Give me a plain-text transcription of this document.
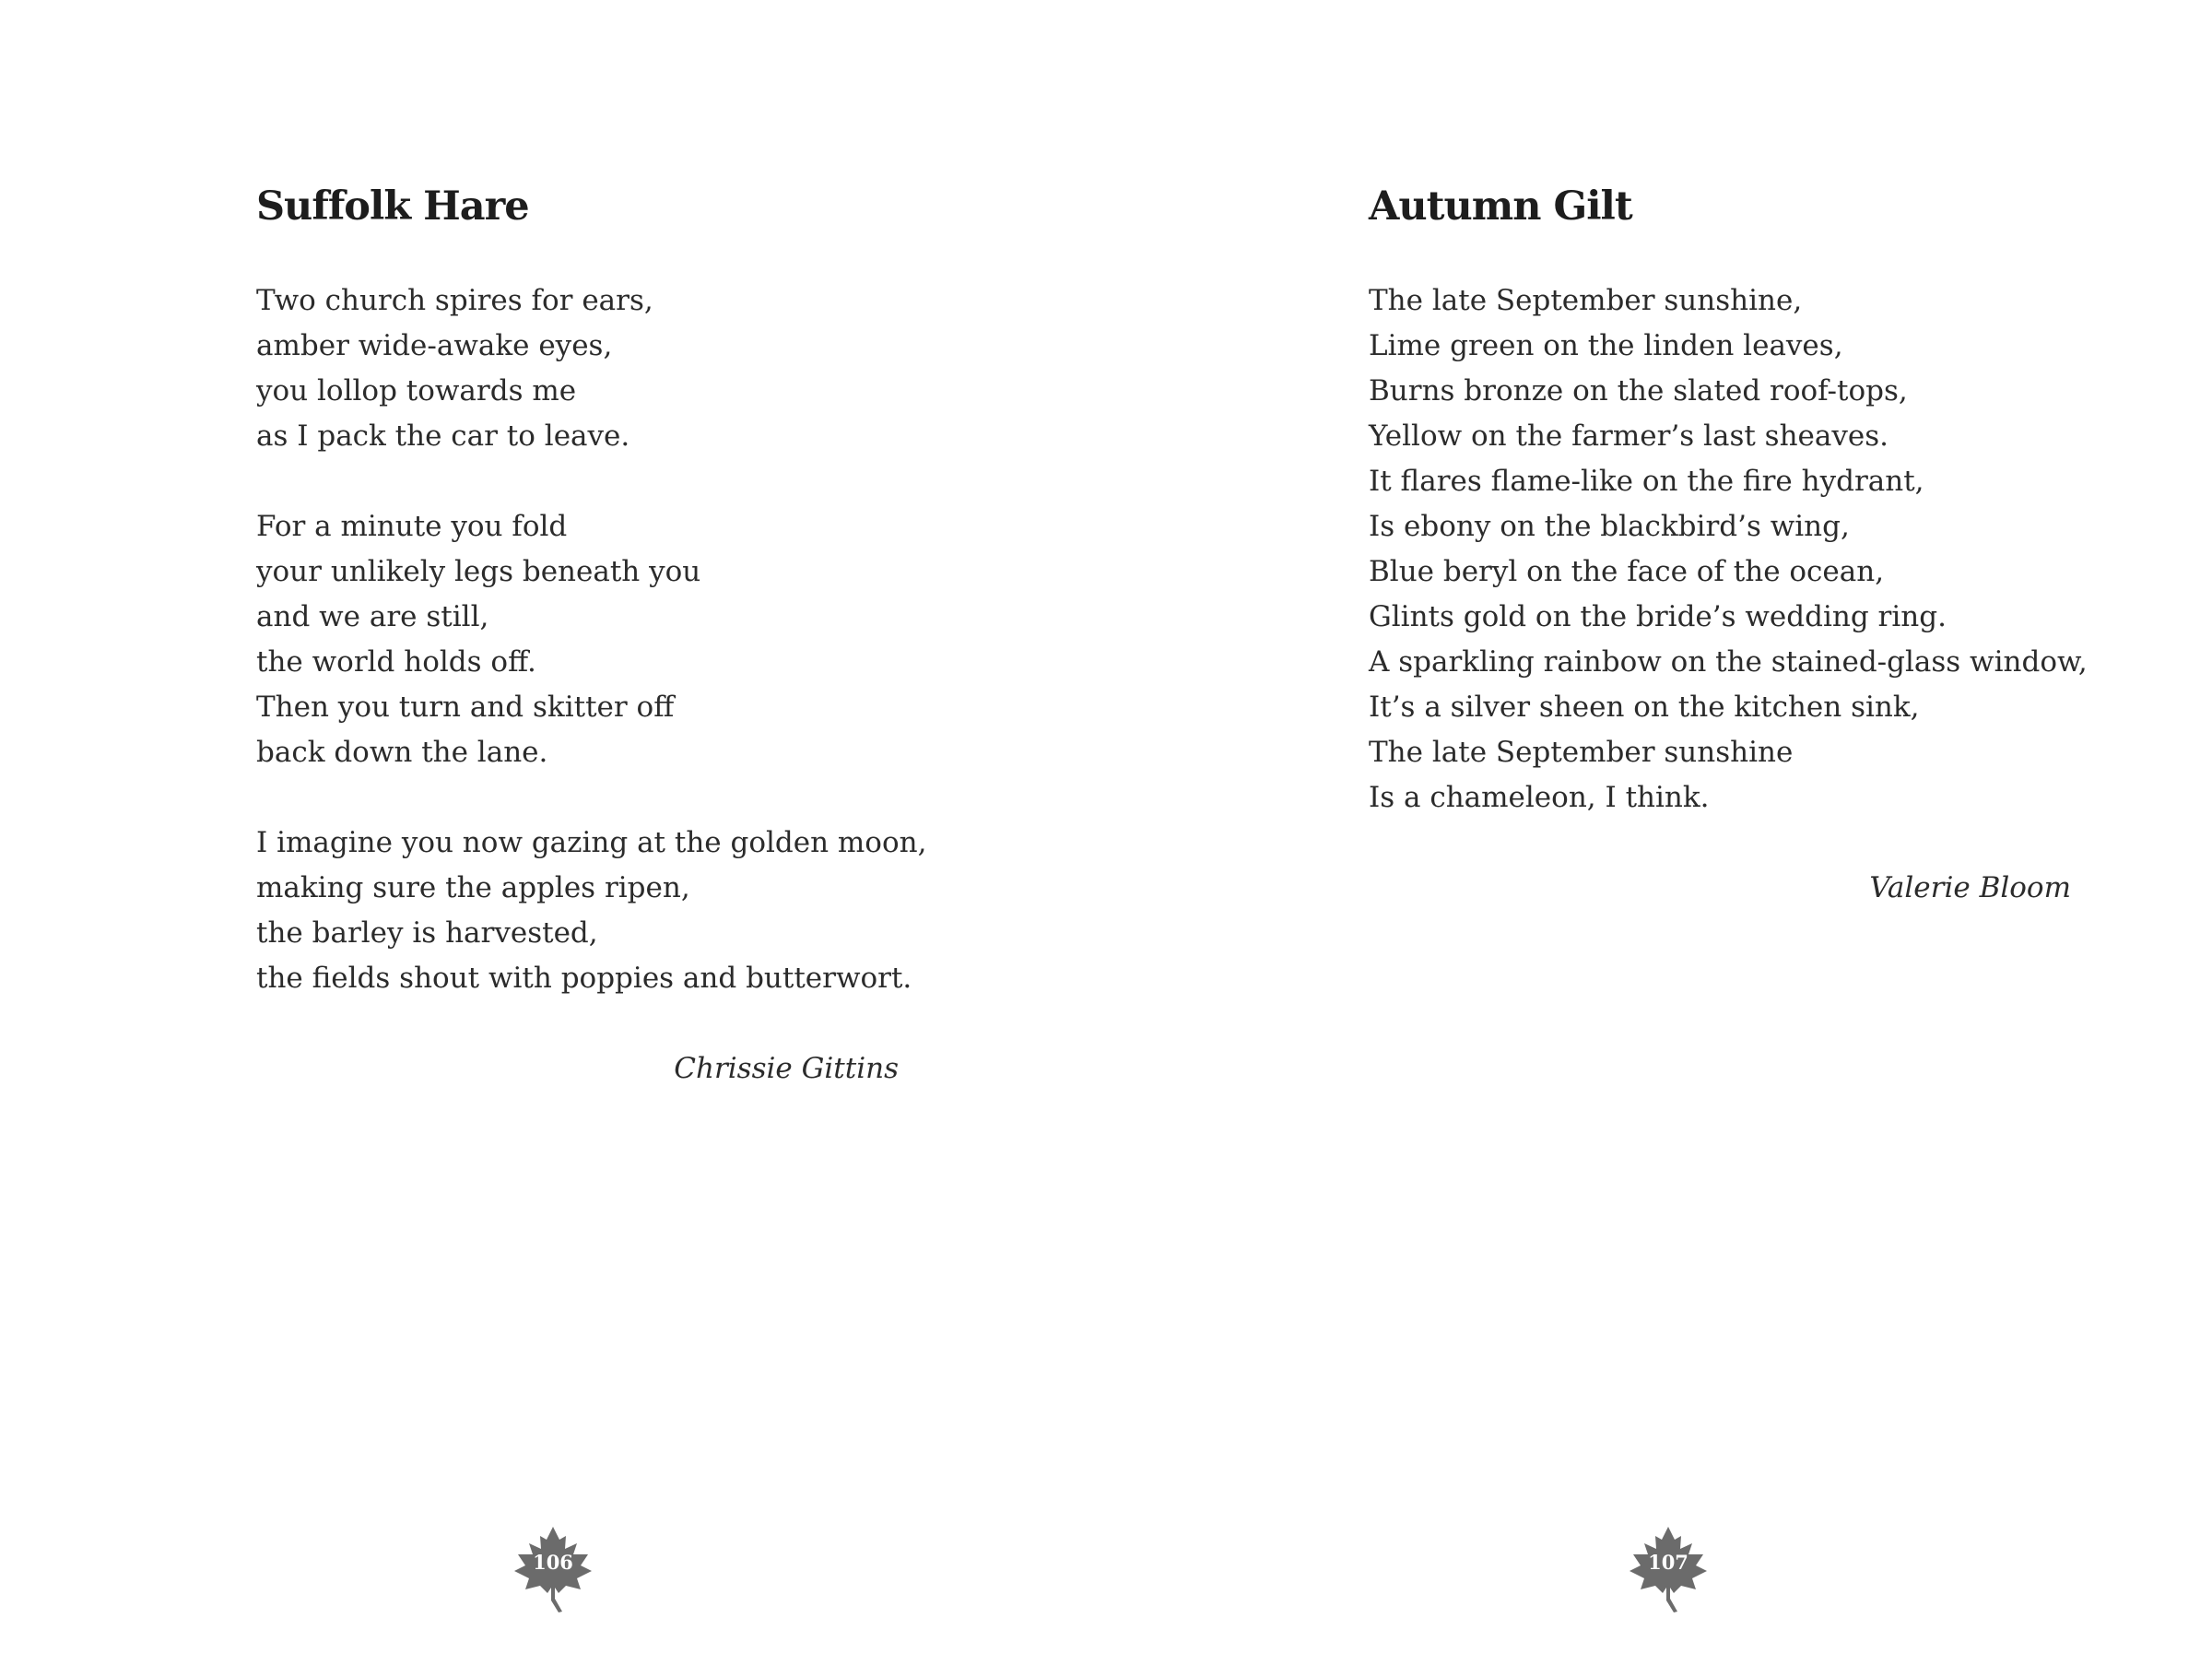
Suffolk Hare
Two church spires for ears,
amber wide-awake eyes,
you lollop towards me
as I pack the car to leave.
For a minute you fold
your unlikely legs beneath you
and we are still,
the world holds off.
Then you turn and skitter off
back down the lane.
I imagine you now gazing at the golden moon,
making sure the apples ripen,
the barley is harvested,
the fields shout with poppies and butterwort.
Chrissie Gittins
106
Autumn Gilt
The late September sunshine,
Lime green on the linden leaves,
Burns bronze on the slated roof-tops,
Yellow on the farmer’s last sheaves.
It flares flame-like on the fire hydrant,
Is ebony on the blackbird’s wing,
Blue beryl on the face of the ocean,
Glints gold on the bride’s wedding ring.
A sparkling rainbow on the stained-glass window,
It’s a silver sheen on the kitchen sink,
The late September sunshine
Is a chameleon, I think.
Valerie Bloom
107
